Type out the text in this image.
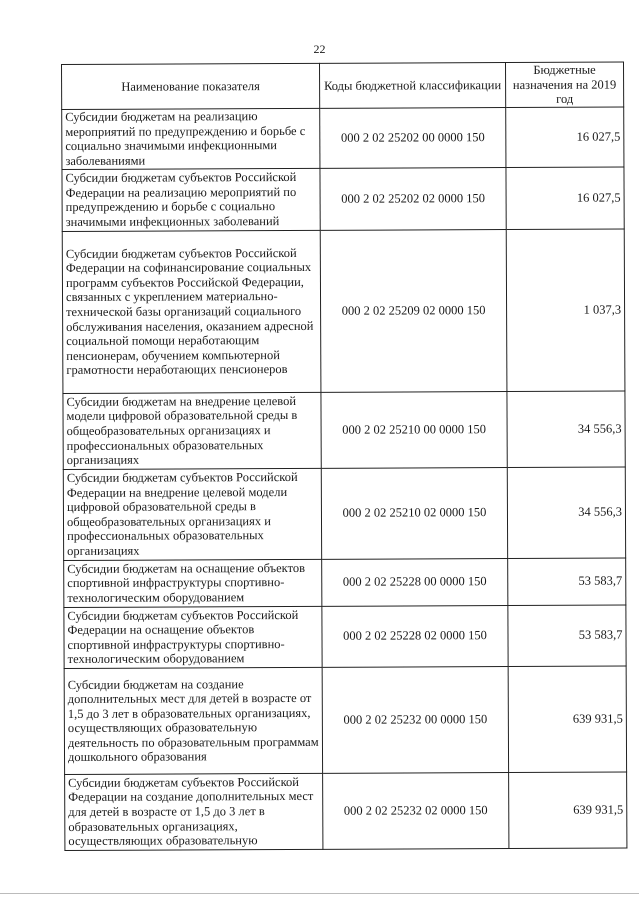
22
Наименование показателя	Коды бюджетной классификации	Бюджетные назначения на 2019 год
Субсидии бюджетам на реализацию мероприятий по предупреждению и борьбе с социально значимыми инфекционными заболеваниями	000 2 02 25202 00 0000 150	16 027,5
Субсидии бюджетам субъектов Российской Федерации на реализацию мероприятий по предупреждению и борьбе с социально значимыми инфекционных заболеваний	000 2 02 25202 02 0000 150	16 027,5
Субсидии бюджетам субъектов Российской Федерации на софинансирование социальных программ субъектов Российской Федерации, связанных с укреплением материально-технической базы организаций социального обслуживания населения, оказанием адресной социальной помощи неработающим пенсионерам, обучением компьютерной грамотности неработающих пенсионеров	000 2 02 25209 02 0000 150	1 037,3
Субсидии бюджетам на внедрение целевой модели цифровой образовательной среды в общеобразовательных организациях и профессиональных образовательных организациях	000 2 02 25210 00 0000 150	34 556,3
Субсидии бюджетам субъектов Российской Федерации на внедрение целевой модели цифровой образовательной среды в общеобразовательных организациях и профессиональных образовательных организациях	000 2 02 25210 02 0000 150	34 556,3
Субсидии бюджетам на оснащение объектов спортивной инфраструктуры спортивно-технологическим оборудованием	000 2 02 25228 00 0000 150	53 583,7
Субсидии бюджетам субъектов Российской Федерации на оснащение объектов спортивной инфраструктуры спортивно-технологическим оборудованием	000 2 02 25228 02 0000 150	53 583,7
Субсидии бюджетам на создание дополнительных мест для детей в возрасте от 1,5 до 3 лет в образовательных организациях, осуществляющих образовательную деятельность по образовательным программам дошкольного образования	000 2 02 25232 00 0000 150	639 931,5
Субсидии бюджетам субъектов Российской Федерации на создание дополнительных мест для детей в возрасте от 1,5 до 3 лет в образовательных организациях, осуществляющих образовательную	000 2 02 25232 02 0000 150	639 931,5
